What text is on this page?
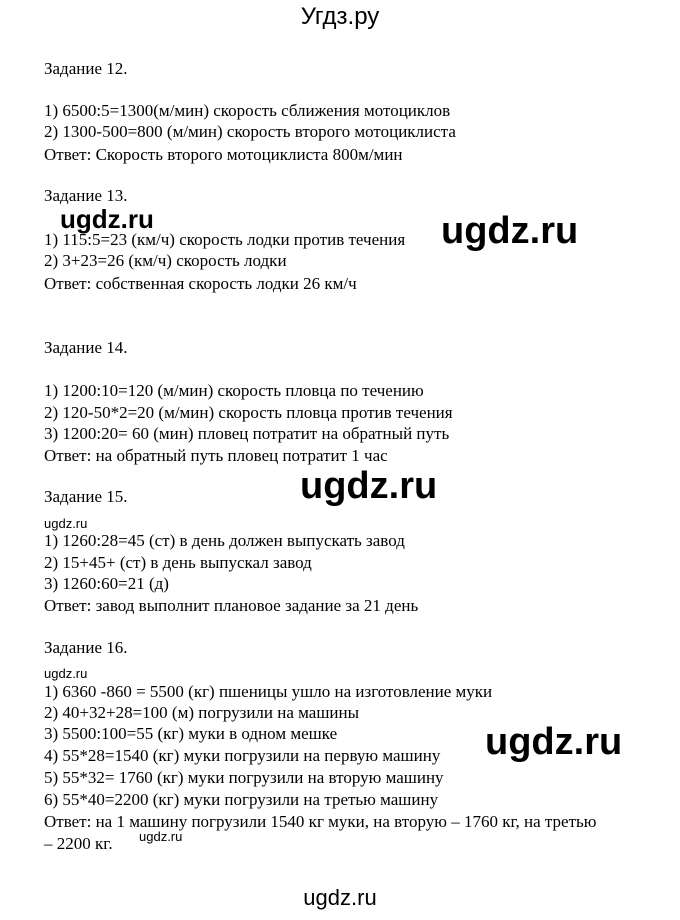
Угдз.ру
Задание 12.
1) 6500:5=1300(м/мин) скорость сближения мотоциклов
2) 1300-500=800 (м/мин) скорость второго мотоциклиста
Ответ: Скорость второго мотоциклиста 800м/мин
Задание 13.
ugdz.ru
1) 115:5=23 (км/ч) скорость лодки против течения ugdz.ru
2) 3+23=26 (км/ч) скорость лодки
Ответ: собственная скорость лодки 26 км/ч
Задание 14.
1) 1200:10=120 (м/мин) скорость пловца по течению
2) 120-50*2=20 (м/мин) скорость пловца против течения
3) 1200:20= 60 (мин) пловец потратит на обратный путь
Ответ: на обратный путь пловец потратит 1 час
Задание 15.	ugdz.ru
ugdz.ru
1) 1260:28=45 (ст) в день должен выпускать завод
2) 15+45+ (ст) в день выпускал завод
3) 1260:60=21 (д)
Ответ: завод выполнит плановое задание за 21 день
Задание 16.
ugdz.ru
1) 6360 -860 = 5500 (кг) пшеницы ушло на изготовление муки
2) 40+32+28=100 (м) погрузили на машины
3) 5500:100=55 (кг) муки в одном мешке	ugdz.ru
4) 55*28=1540 (кг) муки погрузили на первую машину
5) 55*32= 1760 (кг) муки погрузили на вторую машину
6) 55*40=2200 (кг) муки погрузили на третью машину
Ответ: на 1 машину погрузили 1540 кг муки, на вторую – 1760 кг, на третью
– 2200 кг. ugdz.ru
ugdz.ru
